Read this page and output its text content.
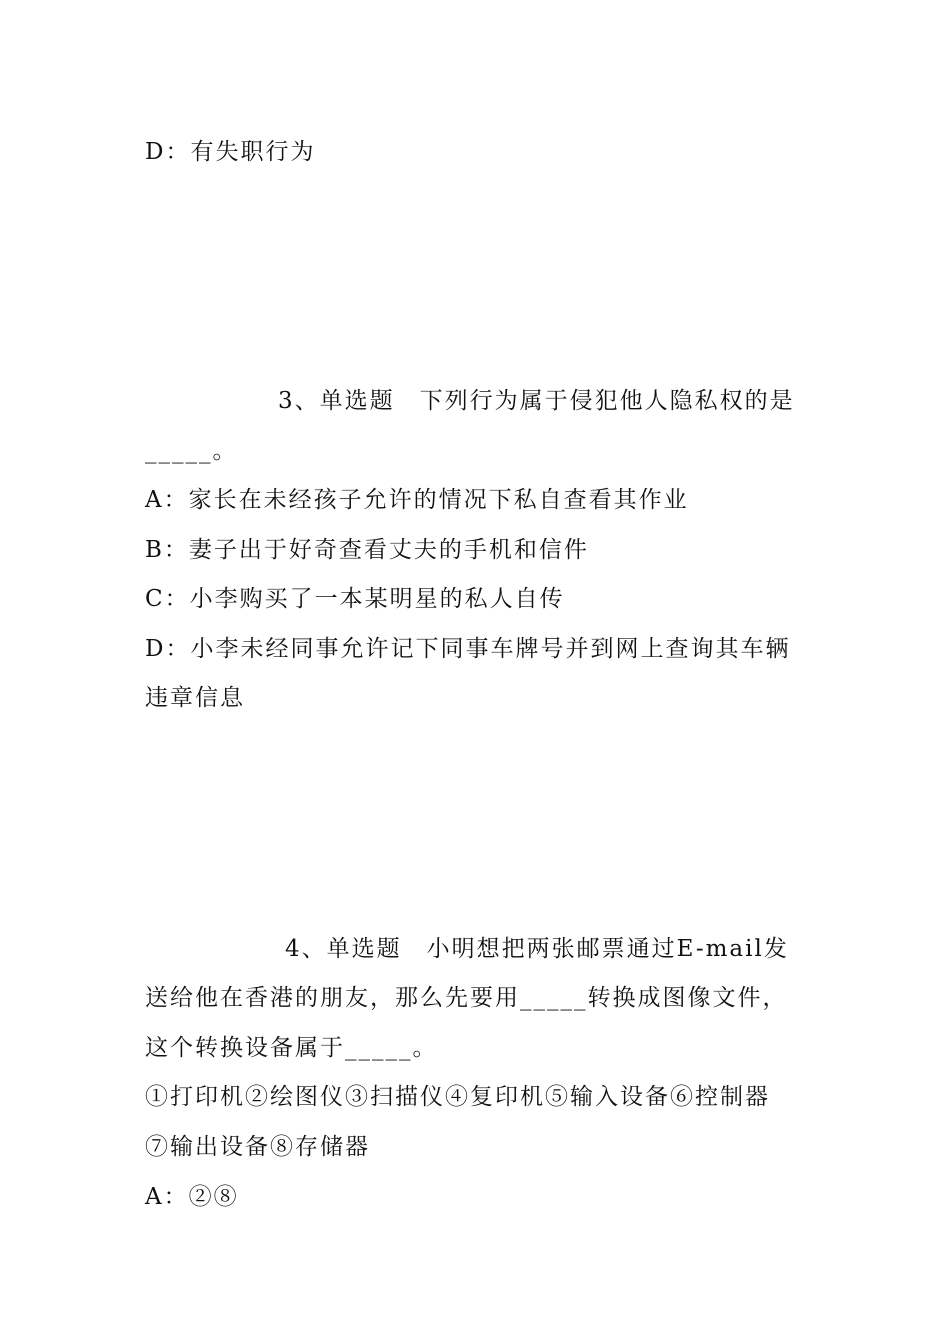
D：有失职行为
3、单选题　下列行为属于侵犯他人隐私权的是
_____。
A：家长在未经孩子允许的情况下私自查看其作业
B：妻子出于好奇查看丈夫的手机和信件
C：小李购买了一本某明星的私人自传
D：小李未经同事允许记下同事车牌号并到网上查询其车辆
违章信息
4、单选题　小明想把两张邮票通过E-mail发
送给他在香港的朋友，那么先要用_____转换成图像文件，
这个转换设备属于_____。
①打印机②绘图仪③扫描仪④复印机⑤输入设备⑥控制器
⑦输出设备⑧存储器
A：②⑧
